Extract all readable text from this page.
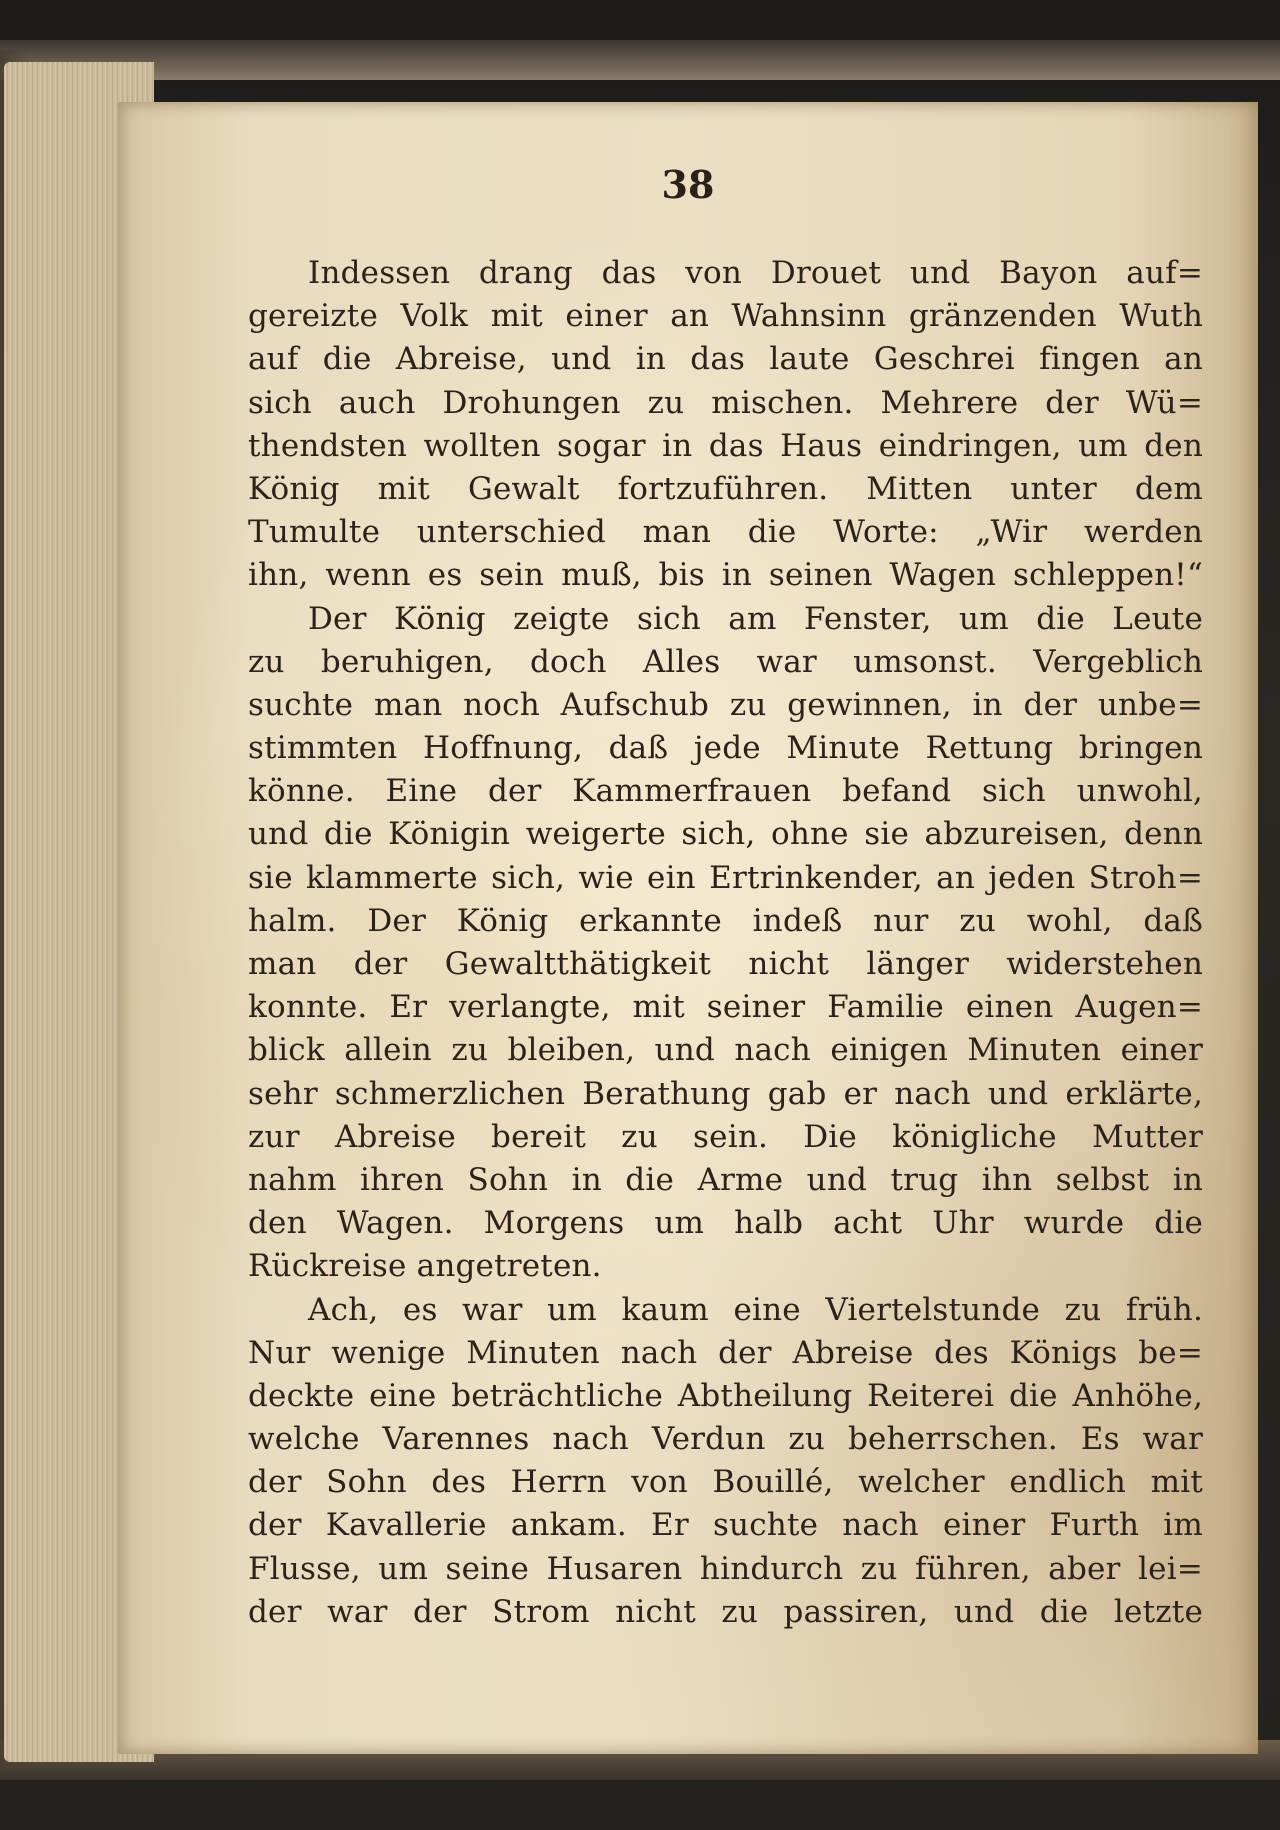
38
Indessen drang das von Drouet und Bayon auf=
gereizte Volk mit einer an Wahnsinn gränzenden Wuth
auf die Abreise, und in das laute Geschrei fingen an
sich auch Drohungen zu mischen. Mehrere der Wü=
thendsten wollten sogar in das Haus eindringen, um den
König mit Gewalt fortzuführen. Mitten unter dem
Tumulte unterschied man die Worte: „Wir werden
ihn, wenn es sein muß, bis in seinen Wagen schleppen!“
Der König zeigte sich am Fenster, um die Leute
zu beruhigen, doch Alles war umsonst. Vergeblich
suchte man noch Aufschub zu gewinnen, in der unbe=
stimmten Hoffnung, daß jede Minute Rettung bringen
könne. Eine der Kammerfrauen befand sich unwohl,
und die Königin weigerte sich, ohne sie abzureisen, denn
sie klammerte sich, wie ein Ertrinkender, an jeden Stroh=
halm. Der König erkannte indeß nur zu wohl, daß
man der Gewaltthätigkeit nicht länger widerstehen
konnte. Er verlangte, mit seiner Familie einen Augen=
blick allein zu bleiben, und nach einigen Minuten einer
sehr schmerzlichen Berathung gab er nach und erklärte,
zur Abreise bereit zu sein. Die königliche Mutter
nahm ihren Sohn in die Arme und trug ihn selbst in
den Wagen. Morgens um halb acht Uhr wurde die
Rückreise angetreten.
Ach, es war um kaum eine Viertelstunde zu früh.
Nur wenige Minuten nach der Abreise des Königs be=
deckte eine beträchtliche Abtheilung Reiterei die Anhöhe,
welche Varennes nach Verdun zu beherrschen. Es war
der Sohn des Herrn von Bouillé, welcher endlich mit
der Kavallerie ankam. Er suchte nach einer Furth im
Flusse, um seine Husaren hindurch zu führen, aber lei=
der war der Strom nicht zu passiren, und die letzte
